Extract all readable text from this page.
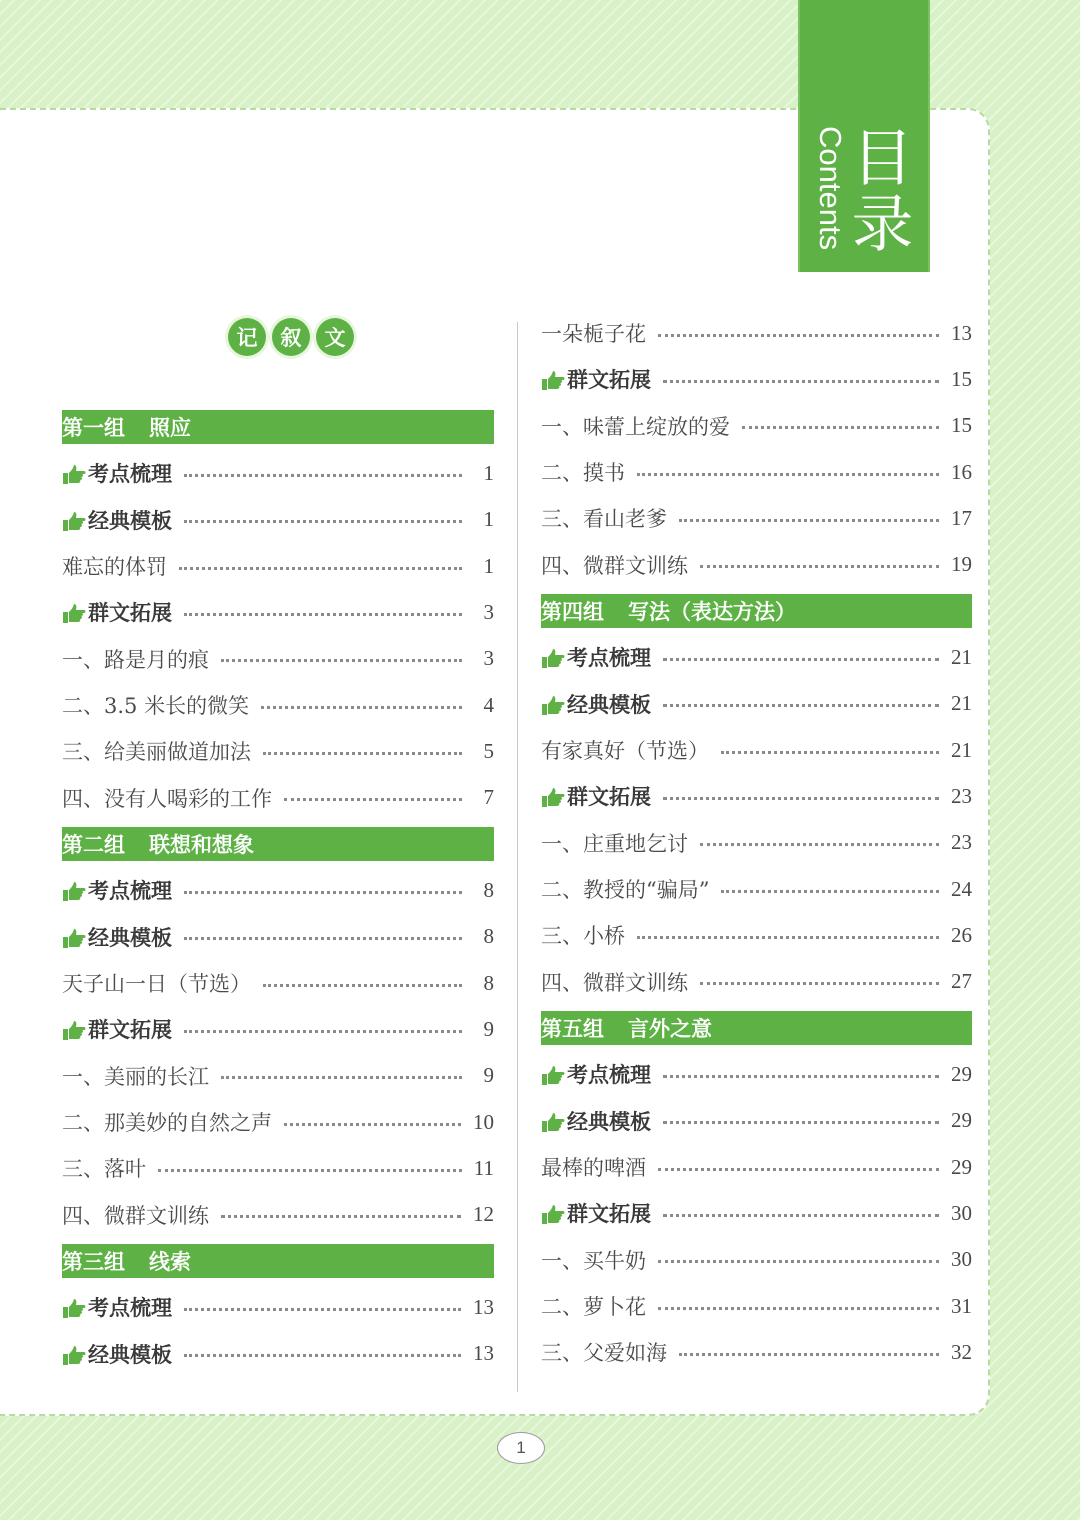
目录
Contents
记	叙	文
第一组 照应
考点梳理	1
经典模板	1
难忘的体罚	1
群文拓展	3
一、路是月的痕	3
二、3.5 米长的微笑	4
三、给美丽做道加法	5
四、没有人喝彩的工作	7
第二组 联想和想象
考点梳理	8
经典模板	8
天子山一日（节选）	8
群文拓展	9
一、美丽的长江	9
二、那美妙的自然之声	10
三、落叶	11
四、微群文训练	12
第三组 线索
考点梳理	13
经典模板	13
一朵栀子花	13
群文拓展	15
一、味蕾上绽放的爱	15
二、摸书	16
三、看山老爹	17
四、微群文训练	19
第四组 写法（表达方法）
考点梳理	21
经典模板	21
有家真好（节选）	21
群文拓展	23
一、庄重地乞讨	23
二、教授的“骗局”	24
三、小桥	26
四、微群文训练	27
第五组 言外之意
考点梳理	29
经典模板	29
最棒的啤酒	29
群文拓展	30
一、买牛奶	30
二、萝卜花	31
三、父爱如海	32
1
